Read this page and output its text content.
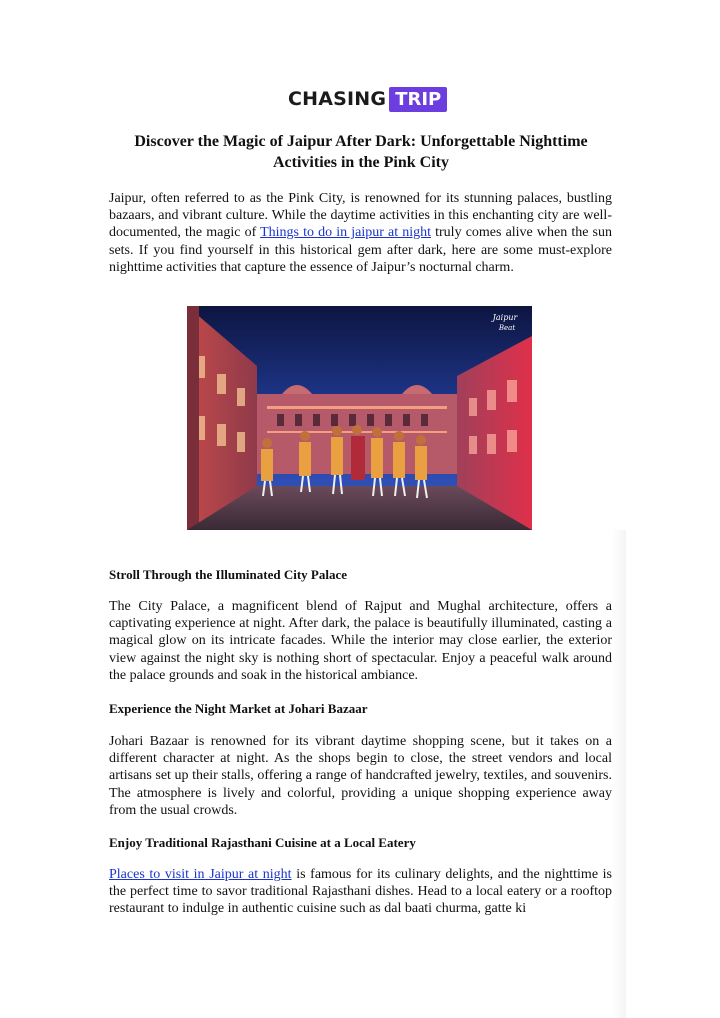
CHASING TRIP
Discover the Magic of Jaipur After Dark: Unforgettable Nighttime Activities in the Pink City

Jaipur, often referred to as the Pink City, is renowned for its stunning palaces, bustling bazaars, and vibrant culture. While the daytime activities in this enchanting city are well-documented, the magic of Things to do in jaipur at night truly comes alive when the sun sets. If you find yourself in this historical gem after dark, here are some must-explore nighttime activities that capture the essence of Jaipur’s nocturnal charm.

Jaipur
Beat

Stroll Through the Illuminated City Palace

The City Palace, a magnificent blend of Rajput and Mughal architecture, offers a captivating experience at night. After dark, the palace is beautifully illuminated, casting a magical glow on its intricate facades. While the interior may close earlier, the exterior view against the night sky is nothing short of spectacular. Enjoy a peaceful walk around the palace grounds and soak in the historical ambiance.

Experience the Night Market at Johari Bazaar

Johari Bazaar is renowned for its vibrant daytime shopping scene, but it takes on a different character at night. As the shops begin to close, the street vendors and local artisans set up their stalls, offering a range of handcrafted jewelry, textiles, and souvenirs. The atmosphere is lively and colorful, providing a unique shopping experience away from the usual crowds.

Enjoy Traditional Rajasthani Cuisine at a Local Eatery

Places to visit in Jaipur at night is famous for its culinary delights, and the nighttime is the perfect time to savor traditional Rajasthani dishes. Head to a local eatery or a rooftop restaurant to indulge in authentic cuisine such as dal baati churma, gatte ki
